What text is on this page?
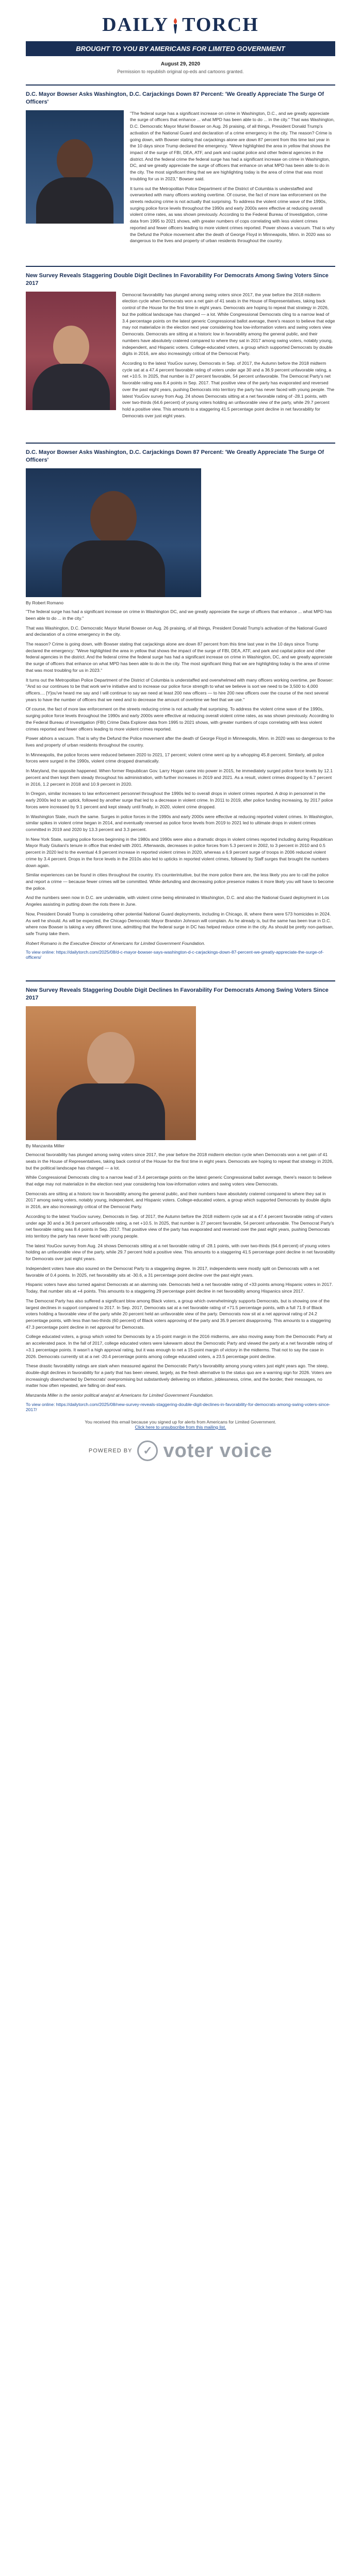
DAILY TORCH
BROUGHT TO YOU BY AMERICANS FOR LIMITED GOVERNMENT
August 29, 2020
Permission to republish original op-eds and cartoons granted.
D.C. Mayor Bowser Asks Washington, D.C. Carjackings Down 87 Percent: 'We Greatly Appreciate The Surge Of Officers'

"The federal surge has a significant increase on crime in Washington, D.C., and we greatly appreciate the surge of officers that enhance ... what MPD has been able to do ... in the city." That was Washington, D.C. Democratic Mayor Muriel Bowser on Aug. 26 praising, of all things, President Donald Trump's activation of the National Guard and declaration of a crime emergency in the city. The reason? Crime is going down, with Bowser stating that carjackings alone are down 87 percent from this time last year in the 10 days since Trump declared the emergency. "Weve highlighted the area in yellow that shows the impact of the surge of FBI, DEA, ATF, and park and capital police and other federal agencies in the district. And the federal crime the federal surge has had a significant increase on crime in Washington, DC, and we greatly appreciate the surge of officers that enhance on what MPD has been able to do in the city. The most significant thing that we are highlighting today is the area of crime that was most troubling for us in 2023," Bowser said.

It turns out the Metropolitan Police Department of the District of Columbia is understaffed and overworked with many officers working overtime. Of course, the fact of more law enforcement on the streets reducing crime is not actually that surprising. To address the violent crime wave of the 1990s, surging police force levels throughout the 1990s and early 2000s were effective at reducing overall violent crime rates, as was shown previously. According to the Federal Bureau of Investigation, crime data from 1995 to 2021 shows, with greater numbers of cops correlating with less violent crimes reported and fewer officers leading to more violent crimes reported. Power shows a vacuum. That is why the Defund the Police movement after the death of George Floyd in Minneapolis, Minn. in 2020 was so dangerous to the lives and property of urban residents throughout the country.

New Survey Reveals Staggering Double Digit Declines In Favorability For Democrats Among Swing Voters Since 2017

Democrat favorability has plunged among swing voters since 2017, the year before the 2018 midterm election cycle when Democrats won a net gain of 41 seats in the House of Representatives, taking back control of the House for the first time in eight years. Democrats are hoping to repeat that strategy in 2026, but the political landscape has changed — a lot. While Congressional Democrats cling to a narrow lead of 3.4 percentage points on the latest generic Congressional ballot average, there's reason to believe that edge may not materialize in the election next year considering how low-information voters and swing voters view Democrats. Democrats are sitting at a historic low in favorability among the general public, and their numbers have absolutely cratered compared to where they sat in 2017 among swing voters, notably young, independent, and Hispanic voters. College-educated voters, a group which supported Democrats by double digits in 2016, are also increasingly critical of the Democrat Party.

According to the latest YouGov survey, Democrats in Sep. of 2017, the Autumn before the 2018 midterm cycle sat at a 47.4 percent favorable rating of voters under age 30 and a 36.9 percent unfavorable rating, a net +10.5. In 2025, that number is 27 percent favorable, 54 percent unfavorable. The Democrat Party's net favorable rating was 8.4 points in Sep. 2017. That positive view of the party has evaporated and reversed over the past eight years, pushing Democrats into territory the party has never faced with young people. The latest YouGov survey from Aug. 24 shows Democrats sitting at a net favorable rating of -28.1 points, with over two-thirds (64.6 percent) of young voters holding an unfavorable view of the party, while 29.7 percent hold a positive view. This amounts to a staggering 41.5 percentage point decline in net favorability for Democrats over just eight years.

D.C. Mayor Bowser Asks Washington, D.C. Carjackings Down 87 Percent: 'We Greatly Appreciate The Surge Of Officers'
By Robert Romano

"The federal surge has had a significant increase on crime in Washington DC, and we greatly appreciate the surge of officers that enhance ... what MPD has been able to do ... in the city."

That was Washington, D.C. Democratic Mayor Muriel Bowser on Aug. 26 praising, of all things, President Donald Trump's activation of the National Guard and declaration of a crime emergency in the city.

The reason? Crime is going down, with Bowser stating that carjackings alone are down 87 percent from this time last year in the 10 days since Trump declared the emergency: "Weve highlighted the area in yellow that shows the impact of the surge of FBI, DEA, ATF, and park and capital police and other federal agencies in the district. And the federal crime the federal surge has had a significant increase on crime in Washington, DC, and we greatly appreciate the surge of officers that enhance on what MPD has been able to do in the city. The most significant thing that we are highlighting today is the area of crime that was most troubling for us in 2023."

It turns out the Metropolitan Police Department of the District of Columbia is understaffed and overwhelmed with many officers working overtime, per Bowser: "And so our continues to be that work we're initiative and to increase our police force strength to what we believe is sort we need to be 3,500 to 4,000 officers.... [Y]ou've heard me say and I will continue to say we need at least 200 new officers — to hire 200 new officers over the course of the next several years to have the number of officers that we need and to decrease the amount of overtime we feel that we use."

Of course, the fact of more law enforcement on the streets reducing crime is not actually that surprising. To address the violent crime wave of the 1990s, surging police force levels throughout the 1990s and early 2000s were effective at reducing overall violent crime rates, as was shown previously. According to the Federal Bureau of Investigation (FBI) Crime Data Explorer data from 1995 to 2021 shows, with greater numbers of cops correlating with less violent crimes reported and fewer officers leading to more violent crimes reported.

Power abhors a vacuum. That is why the Defund the Police movement after the death of George Floyd in Minneapolis, Minn. in 2020 was so dangerous to the lives and property of urban residents throughout the country.

In Minneapolis, the police forces were reduced between 2020 to 2021, 17 percent; violent crime went up by a whopping 45.8 percent. Similarly, all police forces were surged in the 1990s, violent crime dropped dramatically.

In Maryland, the opposite happened. When former Republican Gov. Larry Hogan came into power in 2015, he immediately surged police force levels by 12.1 percent and then kept them steady throughout his administration, with further increases in 2019 and 2021. As a result, violent crimes dropped by 6.7 percent in 2016, 1.2 percent in 2018 and 10.9 percent in 2020.

In Oregon, similar increases to law enforcement personnel throughout the 1990s led to overall drops in violent crimes reported. A drop in personnel in the early 2000s led to an uptick, followed by another surge that led to a decrease in violent crime. In 2011 to 2019, after police funding increasing, by 2017 police forces were increased by 9.1 percent and kept steady until finally, in 2020, violent crime dropped.

In Washington State, much the same. Surges in police forces in the 1990s and early 2000s were effective at reducing reported violent crimes. In Washington, similar spikes in violent crime began in 2014, and eventually reversed as police force levels from 2019 to 2021 led to ultimate drops in violent crimes committed in 2019 and 2020 by 13.3 percent and 3.3 percent.

In New York State, surging police forces beginning in the 1980s and 1990s were also a dramatic drops in violent crimes reported including during Republican Mayor Rudy Giuliani's tenure in office that ended with 2001. Afterwards, decreases in police forces from 5.3 percent in 2002, to 3 percent in 2010 and 0.5 percent in 2020 led to the eventual 4.9 percent increase in reported violent crimes in 2020, whereas a 6.9 percent surge of troops in 2006 reduced violent crime by 3.4 percent. Drops in the force levels in the 2010s also led to upticks in reported violent crimes, followed by Staff surges that brought the numbers down again.

Similar experiences can be found in cities throughout the country. It's counterintuitive, but the more police there are, the less likely you are to call the police and report a crime — because fewer crimes will be committed. While defunding and decreasing police presence makes it more likely you will have to become the police.

And the numbers seen now in D.C. are undeniable, with violent crime being eliminated in Washington, D.C. and also the National Guard deployment in Los Angeles assisting in putting down the riots there in June.

Now, President Donald Trump is considering other potential National Guard deployments, including in Chicago, ill, where there were 573 homicides in 2024. As well he should. As will be expected, the Chicago Democratic Mayor Brandon Johnson will complain. As he already is, but the same has been true in D.C. where now Bowser is taking a very different tone, admitting that the federal surge in DC has helped reduce crime in the city. As should be pretty non-partisan, safe Trump take them.

Robert Romano is the Executive Director of Americans for Limited Government Foundation.

To view online: https://dailytorch.com/2025/08/d-c-mayor-bowser-says-washington-d-c-carjackings-down-87-percent-we-greatly-appreciate-the-surge-of-officers/
New Survey Reveals Staggering Double Digit Declines In Favorability For Democrats Among Swing Voters Since 2017
By Manzanita Miller

Democrat favorability has plunged among swing voters since 2017, the year before the 2018 midterm election cycle when Democrats won a net gain of 41 seats in the House of Representatives, taking back control of the House for the first time in eight years. Democrats are hoping to repeat that strategy in 2026, but the political landscape has changed — a lot.

While Congressional Democrats cling to a narrow lead of 3.4 percentage points on the latest generic Congressional ballot average, there's reason to believe that edge may not materialize in the election next year considering how low-information voters and swing voters view Democrats.

Democrats are sitting at a historic low in favorability among the general public, and their numbers have absolutely cratered compared to where they sat in 2017 among swing voters, notably young, independent, and Hispanic voters. College-educated voters, a group which supported Democrats by double digits in 2016, are also increasingly critical of the Democrat Party.

According to the latest YouGov survey, Democrats in Sep. of 2017, the Autumn before the 2018 midterm cycle sat at a 47.4 percent favorable rating of voters under age 30 and a 36.9 percent unfavorable rating, a net +10.5. In 2025, that number is 27 percent favorable, 54 percent unfavorable. The Democrat Party's net favorable rating was 8.4 points in Sep. 2017. That positive view of the party has evaporated and reversed over the past eight years, pushing Democrats into territory the party has never faced with young people.

The latest YouGov survey from Aug. 24 shows Democrats sitting at a net favorable rating of -28.1 points, with over two-thirds (64.6 percent) of young voters holding an unfavorable view of the party, while 29.7 percent hold a positive view. This amounts to a staggering 41.5 percentage point decline in net favorability for Democrats over just eight years.

Independent voters have also soured on the Democrat Party to a staggering degree. In 2017, independents were mostly split on Democrats with a net favorable of 0.4 points. In 2025, net favorability sits at -30.6, a 31 percentage point decline over the past eight years.

Hispanic voters have also turned against Democrats at an alarming rate. Democrats held a net favorable rating of +33 points among Hispanic voters in 2017. Today, that number sits at +4 points. This amounts to a staggering 29 percentage point decline in net favorability among Hispanics since 2017.

The Democrat Party has also suffered a significant blow among Black voters, a group which overwhelmingly supports Democrats, but is showing one of the largest declines in support compared to 2017. In Sep. 2017, Democrats sat at a net favorable rating of +71.5 percentage points, with a full 71.9 of Black voters holding a favorable view of the party while 20 percent held an unfavorable view of the party. Democrats now sit at a net approval rating of 24.2 percentage points, with less than two-thirds (60 percent) of Black voters approving of the party and 35.9 percent disapproving. This amounts to a staggering 47.3 percentage point decline in net approval for Democrats.

College educated voters, a group which voted for Democrats by a 15-point margin in the 2016 midterms, are also moving away from the Democratic Party at an accelerated pace. In the fall of 2017, college educated voters were lukewarm about the Democratic Party and viewed the party at a net favorable rating of +3.1 percentage points. It wasn't a high approval rating, but it was enough to net a 15-point margin of victory in the midterms. That not to say the case in 2026. Democrats currently sit at a net -20.4 percentage points among college educated voters, a 23.5 percentage point decline.

These drastic favorability ratings are stark when measured against the Democratic Party's favorability among young voters just eight years ago. The steep, double-digit declines in favorability for a party that has been viewed, largely, as the fresh alternative to the status quo are a warning sign for 2026. Voters are increasingly disenchanted by Democrats' overpromising but substantively delivering on inflation, joblessness, crime, and the border, their messages, no matter how often repeated, are falling on deaf ears.

Manzanita Miller is the senior political analyst at Americans for Limited Government Foundation.

To view online: https://dailytorch.com/2025/08/new-survey-reveals-staggering-double-digit-declines-in-favorability-for-democrats-among-swing-voters-since-2017/
You received this email because you signed up for alerts from Americans for Limited Government.
Click here to unsubscribe from this mailing list.
POWERED BY ✓ voter voice
